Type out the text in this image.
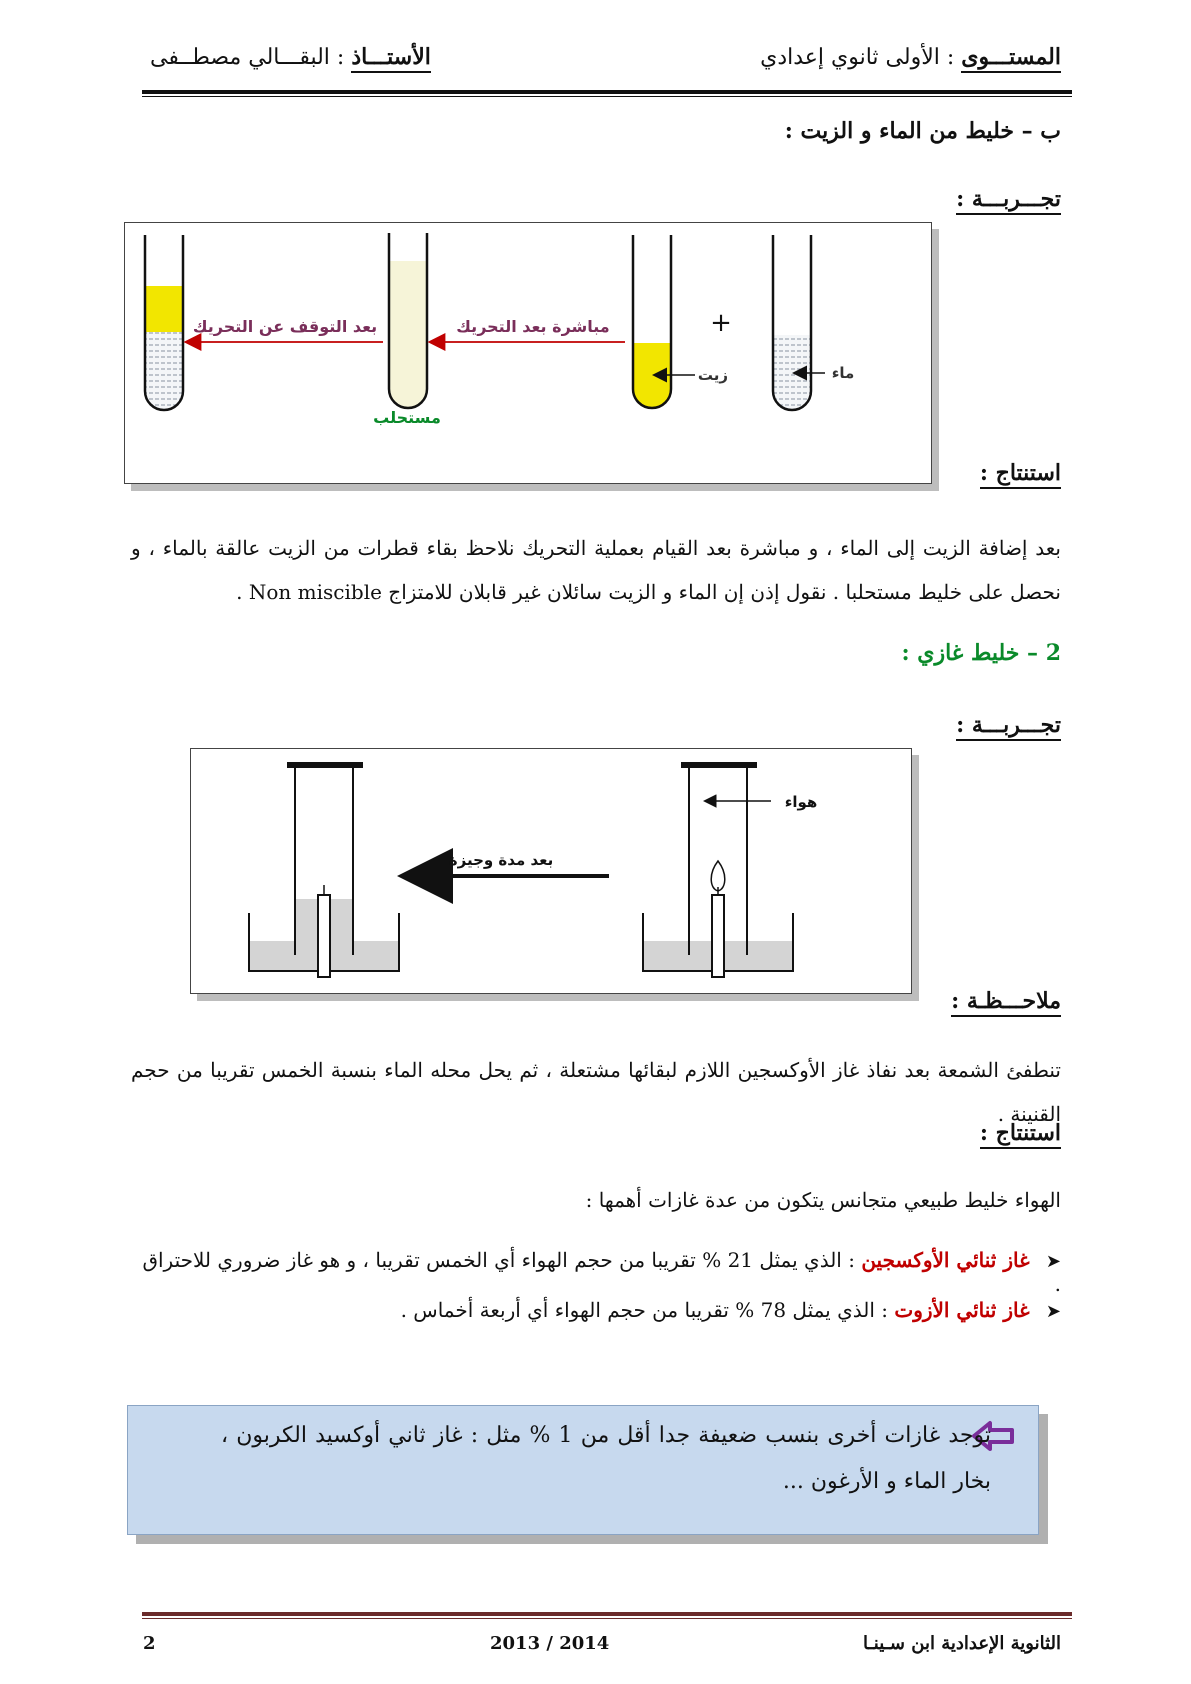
المستـــوى : الأولى ثانوي إعدادي
الأستـــاذ : البقـــالي مصطــفى
ب – خليط من الماء و الزيت :
تجـــربـــة :
بعد التوقف عن التحريك	مباشرة بعد التحريك
مستحلب
زيت	ماء
+
استنتاج :
بعد إضافة الزيت إلى الماء ، و مباشرة بعد القيام بعملية التحريك نلاحظ بقاء قطرات من الزيت عالقة بالماء ، و نحصل على خليط مستحلبا . نقول إذن إن الماء و الزيت سائلان غير قابلان للامتزاج Non miscible .
2 – خليط غازي :
تجـــربـــة :
بعد مدة وجيزة
هواء
ملاحـــظـة :
تنطفئ الشمعة بعد نفاذ غاز الأوكسجين اللازم لبقائها مشتعلة ، ثم يحل محله الماء بنسبة الخمس تقريبا من حجم القنينة .
استنتاج :
الهواء خليط طبيعي متجانس يتكون من عدة غازات أهمها :
➤ غاز ثنائي الأوكسجين : الذي يمثل 21 % تقريبا من حجم الهواء أي الخمس تقريبا ، و هو غاز ضروري للاحتراق .
➤ غاز ثنائي الأزوت : الذي يمثل 78 % تقريبا من حجم الهواء أي أربعة أخماس .
توجد غازات أخرى بنسب ضعيفة جدا أقل من 1 % مثل : غاز ثاني أوكسيد الكربون ، بخار الماء و الأرغون ...
الثانوية الإعدادية ابن سـينـا
2013 / 2014
2
